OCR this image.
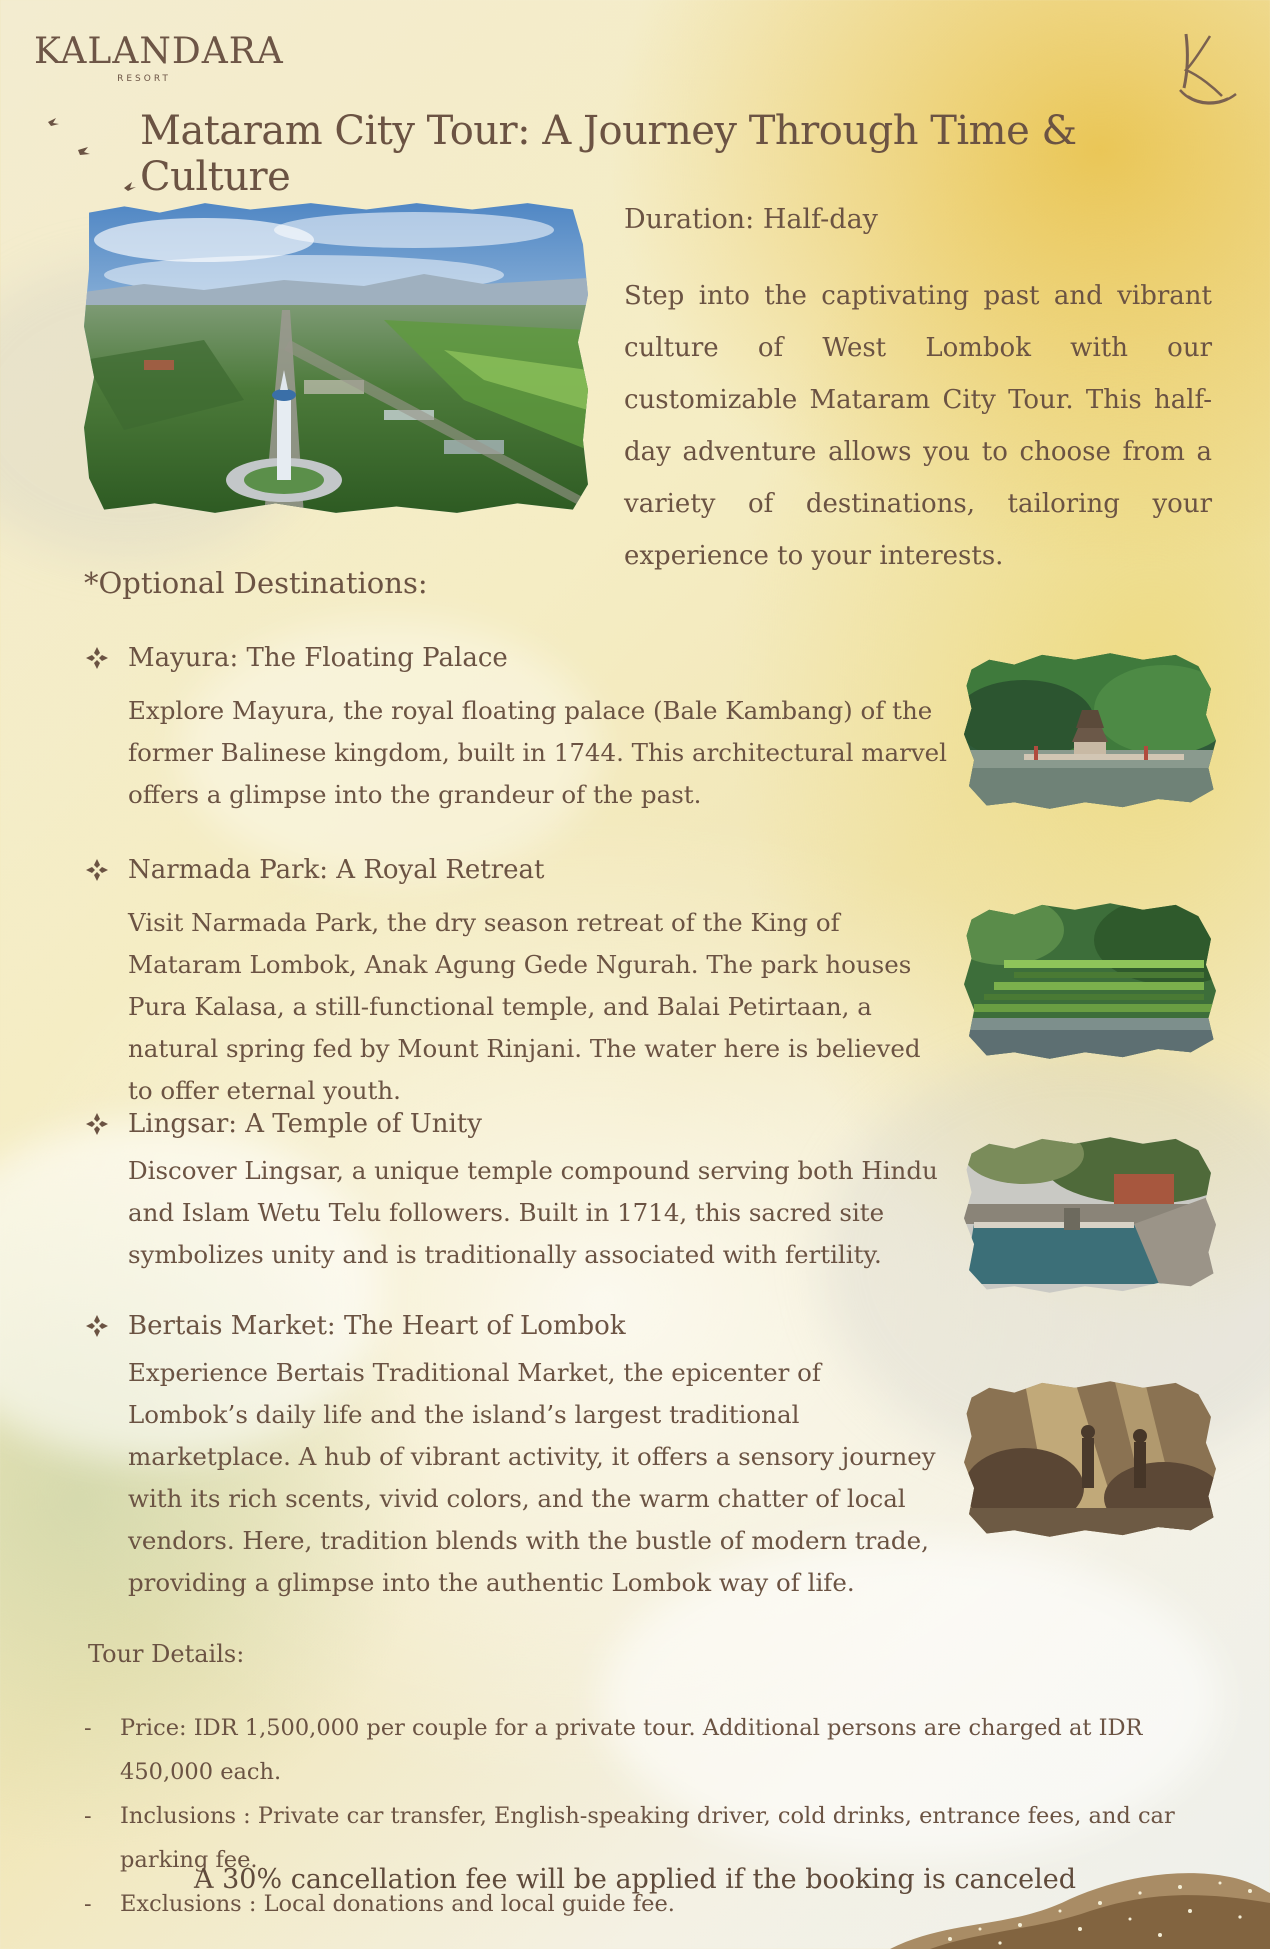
KALANDARA
RESORT
Mataram City Tour: A Journey Through Time & Culture
Duration: Half-day

Step into the captivating past and vibrant culture of West Lombok with our customizable Mataram City Tour. This half-day adventure allows you to choose from a variety of destinations, tailoring your experience to your interests.

*Optional Destinations:
Mayura: The Floating Palace
Explore Mayura, the royal floating palace (Bale Kambang) of the former Balinese kingdom, built in 1744. This architectural marvel offers a glimpse into the grandeur of the past.
Narmada Park: A Royal Retreat
Visit Narmada Park, the dry season retreat of the King of Mataram Lombok, Anak Agung Gede Ngurah. The park houses Pura Kalasa, a still-functional temple, and Balai Petirtaan, a natural spring fed by Mount Rinjani. The water here is believed to offer eternal youth.
Lingsar: A Temple of Unity
Discover Lingsar, a unique temple compound serving both Hindu and Islam Wetu Telu followers. Built in 1714, this sacred site symbolizes unity and is traditionally associated with fertility.
Bertais Market: The Heart of Lombok
Experience Bertais Traditional Market, the epicenter of Lombok’s daily life and the island’s largest traditional marketplace. A hub of vibrant activity, it offers a sensory journey with its rich scents, vivid colors, and the warm chatter of local vendors. Here, tradition blends with the bustle of modern trade, providing a glimpse into the authentic Lombok way of life.
Tour Details:
-	Price: IDR 1,500,000 per couple for a private tour. Additional persons are charged at IDR 450,000 each.
-	Inclusions : Private car transfer, English-speaking driver, cold drinks, entrance fees, and car parking fee.
-	Exclusions : Local donations and local guide fee.
A 30% cancellation fee will be applied if the booking is canceled
